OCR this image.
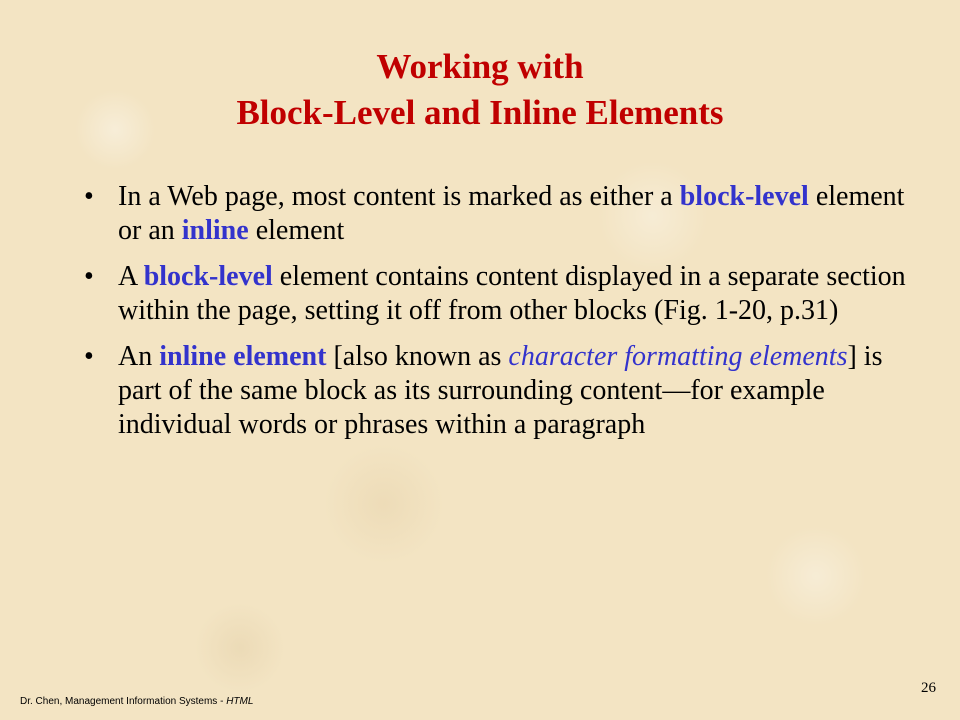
Working with
Block-Level and Inline Elements
• In a Web page, most content is marked as either a block-level element or an inline element
• A block-level element contains content displayed in a separate section within the page, setting it off from other blocks (Fig. 1-20, p.31)
• An inline element [also known as character formatting elements] is part of the same block as its surrounding content—for example individual words or phrases within a paragraph
Dr. Chen, Management Information Systems - HTML
26
